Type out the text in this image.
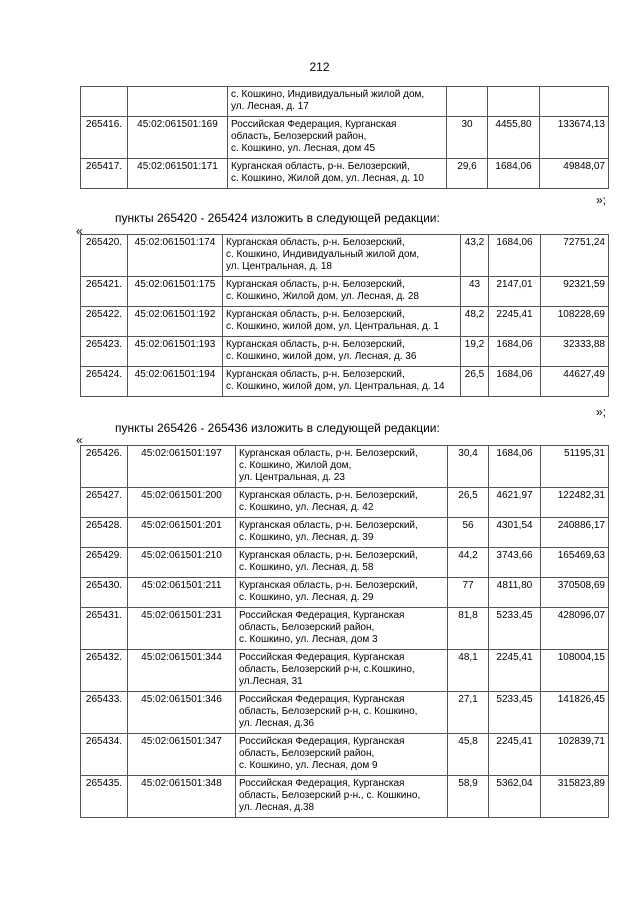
212

		с. Кошкино, Индивидуальный жилой дом,
ул. Лесная, д. 17			

265416.	45:02:061501:169	Российская Федерация, Курганская
область, Белозерский район,
с. Кошкино, ул. Лесная, дом 45	30	4455,80	133674,13
265417.	45:02:061501:171	Курганская область, р-н. Белозерский,
с. Кошкино, Жилой дом, ул. Лесная, д. 10	29,6	1684,06	49848,07
»;
пункты 265420 - 265424 изложить в следующей редакции:
«
265420.	45:02:061501:174	Курганская область, р-н. Белозерский,
с. Кошкино, Индивидуальный жилой дом,
ул. Центральная, д. 18	43,2	1684,06	72751,24
265421.	45:02:061501:175	Курганская область, р-н. Белозерский,
с. Кошкино, Жилой дом, ул. Лесная, д. 28	43	2147,01	92321,59
265422.	45:02:061501:192	Курганская область, р-н. Белозерский,
с. Кошкино, жилой дом, ул. Центральная, д. 1	48,2	2245,41	108228,69
265423.	45:02:061501:193	Курганская область, р-н. Белозерский,
с. Кошкино, жилой дом, ул. Лесная, д. 36	19,2	1684,06	32333,88
265424.	45:02:061501:194	Курганская область, р-н. Белозерский,
с. Кошкино, жилой дом, ул. Центральная, д. 14	26,5	1684,06	44627,49
»;
пункты 265426 - 265436 изложить в следующей редакции:
«
265426.	45:02:061501:197	Курганская область, р-н. Белозерский,
с. Кошкино, Жилой дом,
ул. Центральная, д. 23	30,4	1684,06	51195,31
265427.	45:02:061501:200	Курганская область, р-н. Белозерский,
с. Кошкино, ул. Лесная, д. 42	26,5	4621,97	122482,31
265428.	45:02:061501:201	Курганская область, р-н. Белозерский,
с. Кошкино, ул. Лесная, д. 39	56	4301,54	240886,17
265429.	45:02:061501:210	Курганская область, р-н. Белозерский,
с. Кошкино, ул. Лесная, д. 58	44,2	3743,66	165469,63
265430.	45:02:061501:211	Курганская область, р-н. Белозерский,
с. Кошкино, ул. Лесная, д. 29	77	4811,80	370508,69
265431.	45:02:061501:231	Российская Федерация, Курганская
область, Белозерский район,
с. Кошкино, ул. Лесная, дом 3	81,8	5233,45	428096,07
265432.	45:02:061501:344	Российская Федерация, Курганская
область, Белозерский р-н, с.Кошкино,
ул.Лесная, 31	48,1	2245,41	108004,15
265433.	45:02:061501:346	Российская Федерация, Курганская
область, Белозерский р-н, с. Кошкино,
ул. Лесная, д.36	27,1	5233,45	141826,45
265434.	45:02:061501:347	Российская Федерация, Курганская
область, Белозерский район,
с. Кошкино, ул. Лесная, дом 9	45,8	2245,41	102839,71
265435.	45:02:061501:348	Российская Федерация, Курганская
область, Белозерский р-н., с. Кошкино,
ул. Лесная, д.38	58,9	5362,04	315823,89
